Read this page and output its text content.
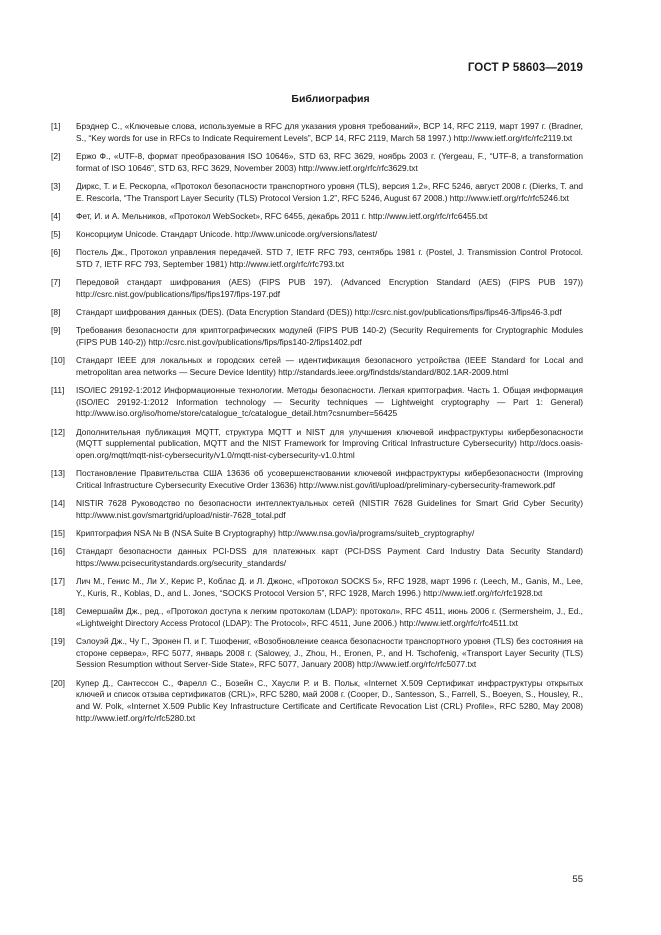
ГОСТ Р 58603—2019
Библиография
[1]	Брэднер С., «Ключевые слова, используемые в RFC для указания уровня требований», BCP 14, RFC 2119, март 1997 г. (Bradner, S., “Key words for use in RFCs to Indicate Requirement Levels”, BCP 14, RFC 2119, March 58 1997.) http://www.ietf.org/rfc/rfc2119.txt
[2]	Ержо Ф., «UTF-8, формат преобразования ISO 10646», STD 63, RFC 3629, ноябрь 2003 г. (Yergeau, F., “UTF-8, a transformation format of ISO 10646”, STD 63, RFC 3629, November 2003) http://www.ietf.org/rfc/rfc3629.txt
[3]	Диркс, Т. и Е. Рескорла, «Протокол безопасности транспортного уровня (TLS), версия 1.2», RFC 5246, август 2008 г. (Dierks, T. and E. Rescorla, “The Transport Layer Security (TLS) Protocol Version 1.2”, RFC 5246, August 67 2008.) http://www.ietf.org/rfc/rfc5246.txt
[4]	Фет, И. и А. Мельников, «Протокол WebSocket», RFC 6455, декабрь 2011 г. http://www.ietf.org/rfc/rfc6455.txt
[5]	Консорциум Unicode. Стандарт Unicode. http://www.unicode.org/versions/latest/
[6]	Постель Дж., Протокол управления передачей. STD 7, IETF RFC 793, сентябрь 1981 г. (Postel, J. Transmission Control Protocol. STD 7, IETF RFC 793, September 1981) http://www.ietf.org/rfc/rfc793.txt
[7]	Передовой стандарт шифрования (AES) (FIPS PUB 197). (Advanced Encryption Standard (AES) (FIPS PUB 197)) http://csrc.nist.gov/publications/fips/fips197/fips-197.pdf
[8]	Стандарт шифрования данных (DES). (Data Encryption Standard (DES)) http://csrc.nist.gov/publications/fips/fips46-3/fips46-3.pdf
[9]	Требования безопасности для криптографических модулей (FIPS PUB 140-2) (Security Requirements for Cryptographic Modules (FIPS PUB 140-2)) http://csrc.nist.gov/publications/fips/fips140-2/fips1402.pdf
[10]	Стандарт IEEE для локальных и городских сетей — идентификация безопасного устройства (IEEE Standard for Local and metropolitan area networks — Secure Device Identity) http://standards.ieee.org/findstds/standard/802.1AR-2009.html
[11]	ISO/IEC 29192-1:2012 Информационные технологии. Методы безопасности. Легкая криптография. Часть 1. Общая информация (ISO/IEC 29192-1:2012 Information technology — Security techniques — Lightweight cryptography — Part 1: General) http://www.iso.org/iso/home/store/catalogue_tc/catalogue_detail.htm?csnumber=56425
[12]	Дополнительная публикация MQTT, структура MQTT и NIST для улучшения ключевой инфраструктуры кибербезопасности (MQTT supplemental publication, MQTT and the NIST Framework for Improving Critical Infrastructure Cybersecurity) http://docs.oasis-open.org/mqtt/mqtt-nist-cybersecurity/v1.0/mqtt-nist-cybersecurity-v1.0.html
[13]	Постановление Правительства США 13636 об усовершенствовании ключевой инфраструктуры кибербезопасности (Improving Critical Infrastructure Cybersecurity Executive Order 13636) http://www.nist.gov/itl/upload/preliminary-cybersecurity-framework.pdf
[14]	NISTIR 7628 Руководство по безопасности интеллектуальных сетей (NISTIR 7628 Guidelines for Smart Grid Cyber Security) http://www.nist.gov/smartgrid/upload/nistir-7628_total.pdf
[15]	Криптография NSA № B (NSA Suite B Cryptography) http://www.nsa.gov/ia/programs/suiteb_cryptography/
[16]	Стандарт безопасности данных PCI-DSS для платежных карт (PCI-DSS Payment Card Industry Data Security Standard) https://www.pcisecuritystandards.org/security_standards/
[17]	Лич М., Генис М., Ли У., Керис Р., Коблас Д. и Л. Джонс, «Протокол SOCKS 5», RFC 1928, март 1996 г. (Leech, M., Ganis, M., Lee, Y., Kuris, R., Koblas, D., and L. Jones, “SOCKS Protocol Version 5”, RFC 1928, March 1996.) http://www.ietf.org/rfc/rfc1928.txt
[18]	Семершайм Дж., ред., «Протокол доступа к легким протоколам (LDAP): протокол», RFC 4511, июнь 2006 г. (Sermersheim, J., Ed., «Lightweight Directory Access Protocol (LDAP): The Protocol», RFC 4511, June 2006.) http://www.ietf.org/rfc/rfc4511.txt
[19]	Сэлоуэй Дж., Чу Г., Эронен П. и Г. Тшофениг, «Возобновление сеанса безопасности транспортного уровня (TLS) без состояния на стороне сервера», RFC 5077, январь 2008 г. (Salowey, J., Zhou, H., Eronen, P., and H. Tschofenig, «Transport Layer Security (TLS) Session Resumption without Server-Side State», RFC 5077, January 2008) http://www.ietf.org/rfc/rfc5077.txt
[20]	Купер Д., Сантессон С., Фарелл С., Бозейн С., Хаусли Р. и В. Польк, «Internet X.509 Сертификат инфраструктуры открытых ключей и список отзыва сертификатов (CRL)», RFC 5280, май 2008 г. (Cooper, D., Santesson, S., Farrell, S., Boeyen, S., Housley, R., and W. Polk, «Internet X.509 Public Key Infrastructure Certificate and Certificate Revocation List (CRL) Profile», RFC 5280, May 2008) http://www.ietf.org/rfc/rfc5280.txt
55
